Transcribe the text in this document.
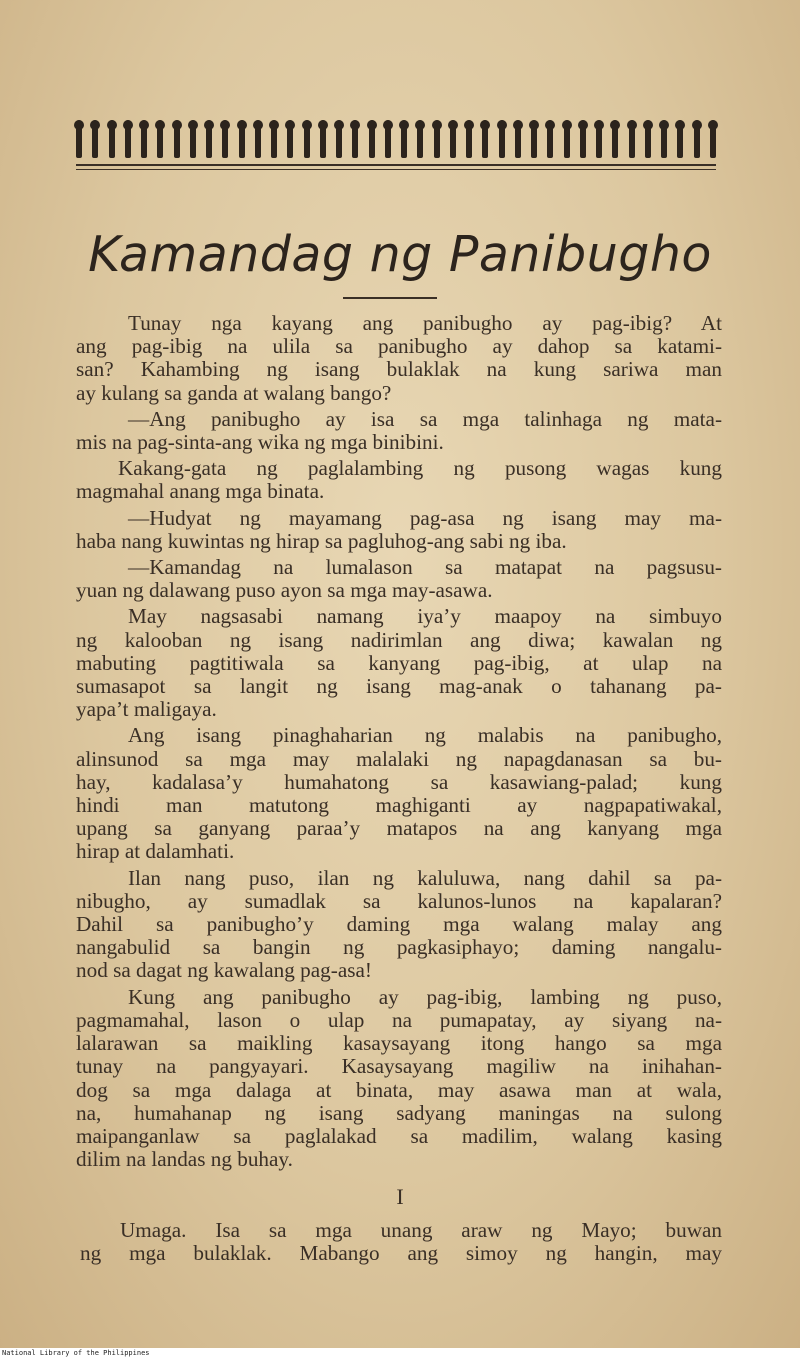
Kamandag ng Panibugho
Tunay nga kayang ang panibugho ay pag-ibig? At
ang pag-ibig na ulila sa panibugho ay dahop sa katami-
san? Kahambing ng isang bulaklak na kung sariwa man
ay kulang sa ganda at walang bango?
—Ang panibugho ay isa sa mga talinhaga ng mata-
mis na pag-sinta-ang wika ng mga binibini.
Kakang-gata ng paglalambing ng pusong wagas kung
magmahal anang mga binata.
—Hudyat ng mayamang pag-asa ng isang may ma-
haba nang kuwintas ng hirap sa pagluhog-ang sabi ng iba.
—Kamandag na lumalason sa matapat na pagsusu-
yuan ng dalawang puso ayon sa mga may-asawa.
May nagsasabi namang iya’y maapoy na simbuyo
ng kalooban ng isang nadirimlan ang diwa; kawalan ng
mabuting pagtitiwala sa kanyang pag-ibig, at ulap na
sumasapot sa langit ng isang mag-anak o tahanang pa-
yapa’t maligaya.
Ang isang pinaghaharian ng malabis na panibugho,
alinsunod sa mga may malalaki ng napagdanasan sa bu-
hay, kadalasa’y humahatong sa kasawiang-palad; kung
hindi man matutong maghiganti ay nagpapatiwakal,
upang sa ganyang paraa’y matapos na ang kanyang mga
hirap at dalamhati.
Ilan nang puso, ilan ng kaluluwa, nang dahil sa pa-
nibugho, ay sumadlak sa kalunos-lunos na kapalaran?
Dahil sa panibugho’y daming mga walang malay ang
nangabulid sa bangin ng pagkasiphayo; daming nangalu-
nod sa dagat ng kawalang pag-asa!
Kung ang panibugho ay pag-ibig, lambing ng puso,
pagmamahal, lason o ulap na pumapatay, ay siyang na-
lalarawan sa maikling kasaysayang itong hango sa mga
tunay na pangyayari. Kasaysayang magiliw na inihahan-
dog sa mga dalaga at binata, may asawa man at wala,
na, humahanap ng isang sadyang maningas na sulong
maipanganlaw sa paglalakad sa madilim, walang kasing
dilim na landas ng buhay.
I
Umaga. Isa sa mga unang araw ng Mayo; buwan
ng mga bulaklak. Mabango ang simoy ng hangin, may
National Library of the Philippines
